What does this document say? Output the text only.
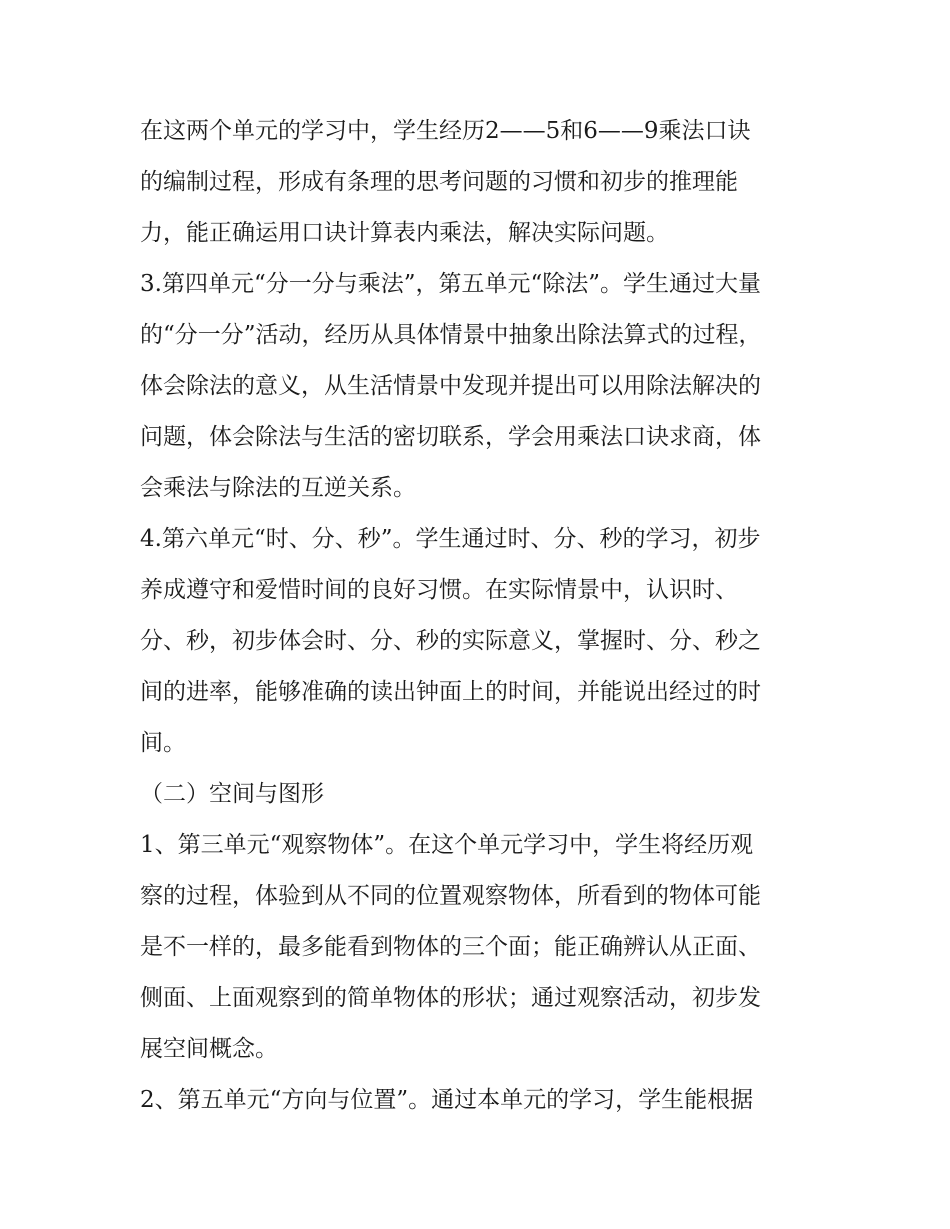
在这两个单元的学习中，学生经历2——5和6——9乘法口诀
的编制过程，形成有条理的思考问题的习惯和初步的推理能
力，能正确运用口诀计算表内乘法，解决实际问题。
3.第四单元“分一分与乘法”，第五单元“除法”。学生通过大量
的“分一分”活动，经历从具体情景中抽象出除法算式的过程，
体会除法的意义，从生活情景中发现并提出可以用除法解决的
问题，体会除法与生活的密切联系，学会用乘法口诀求商，体
会乘法与除法的互逆关系。
4.第六单元“时、分、秒”。学生通过时、分、秒的学习，初步
养成遵守和爱惜时间的良好习惯。在实际情景中，认识时、
分、秒，初步体会时、分、秒的实际意义，掌握时、分、秒之
间的进率，能够准确的读出钟面上的时间，并能说出经过的时
间。
（二）空间与图形
1、第三单元“观察物体”。在这个单元学习中，学生将经历观
察的过程，体验到从不同的位置观察物体，所看到的物体可能
是不一样的，最多能看到物体的三个面；能正确辨认从正面、
侧面、上面观察到的简单物体的形状；通过观察活动，初步发
展空间概念。
2、第五单元“方向与位置”。通过本单元的学习，学生能根据
